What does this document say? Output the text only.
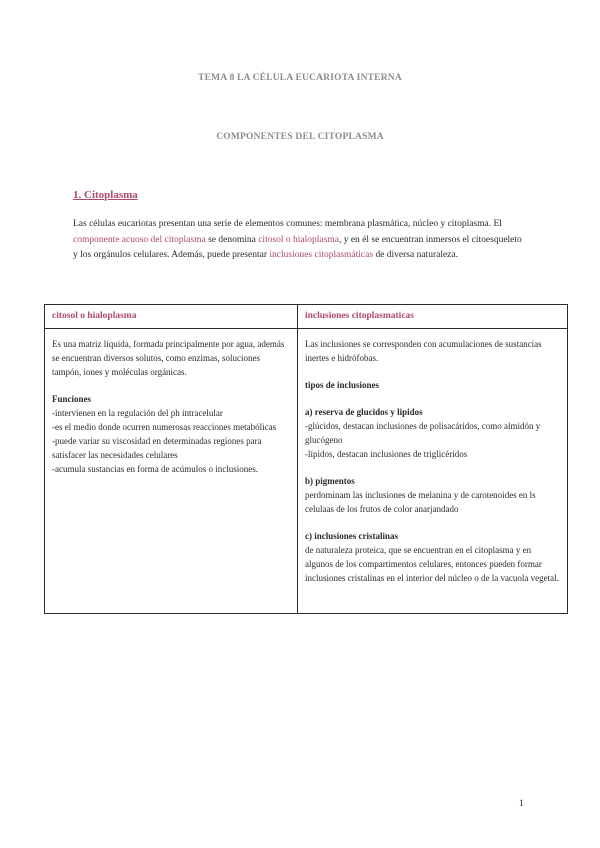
TEMA 8 LA CÉLULA EUCARIOTA INTERNA
COMPONENTES DEL CITOPLASMA
1. Citoplasma
Las células eucariotas presentan una serie de elementos comunes: membrana plasmática, núcleo y citoplasma. El componente acuoso del citoplasma se denomina citosol o hialoplasma, y en él se encuentran inmersos el citoesqueleto y los orgánulos celulares. Además, puede presentar inclusiones citoplasmáticas de diversa naturaleza.
citosol o hialoplasma

Es una matriz líquida, formada principalmente por agua, además se encuentran diversos solutos, como enzimas, soluciones tampón, iones y moléculas orgánicas.

Funciones

-intervienen en la regulación del ph intracelular

-es el medio donde ocurren numerosas reacciones metabólicas

-puede variar su viscosidad en determinadas regiones para satisfacer las necesidades celulares

-acumula sustancias en forma de acúmulos o inclusiones.

inclusiones citoplasmaticas

Las inclusiones se corresponden con acumulaciones de sustancias inertes e hidrófobas.

tipos de inclusiones

a) reserva de glucidos y lipidos

-glúcidos, destacan inclusiones de polisacáridos, como almidón y glucógeno

-lípidos, destacan inclusiones de triglicéridos

b) pigmentos

perdominam las inclusiones de melanina y de carotenoides en ls celulaas de los frutos de color anarjandado

c) inclusiones cristalinas

de naturaleza proteica, que se encuentran en el citoplasma y en algunos de los compartimentos celulares, entonces pueden formar inclusiones cristalinas en el interior del núcleo o de la vacuola vegetal.

1
